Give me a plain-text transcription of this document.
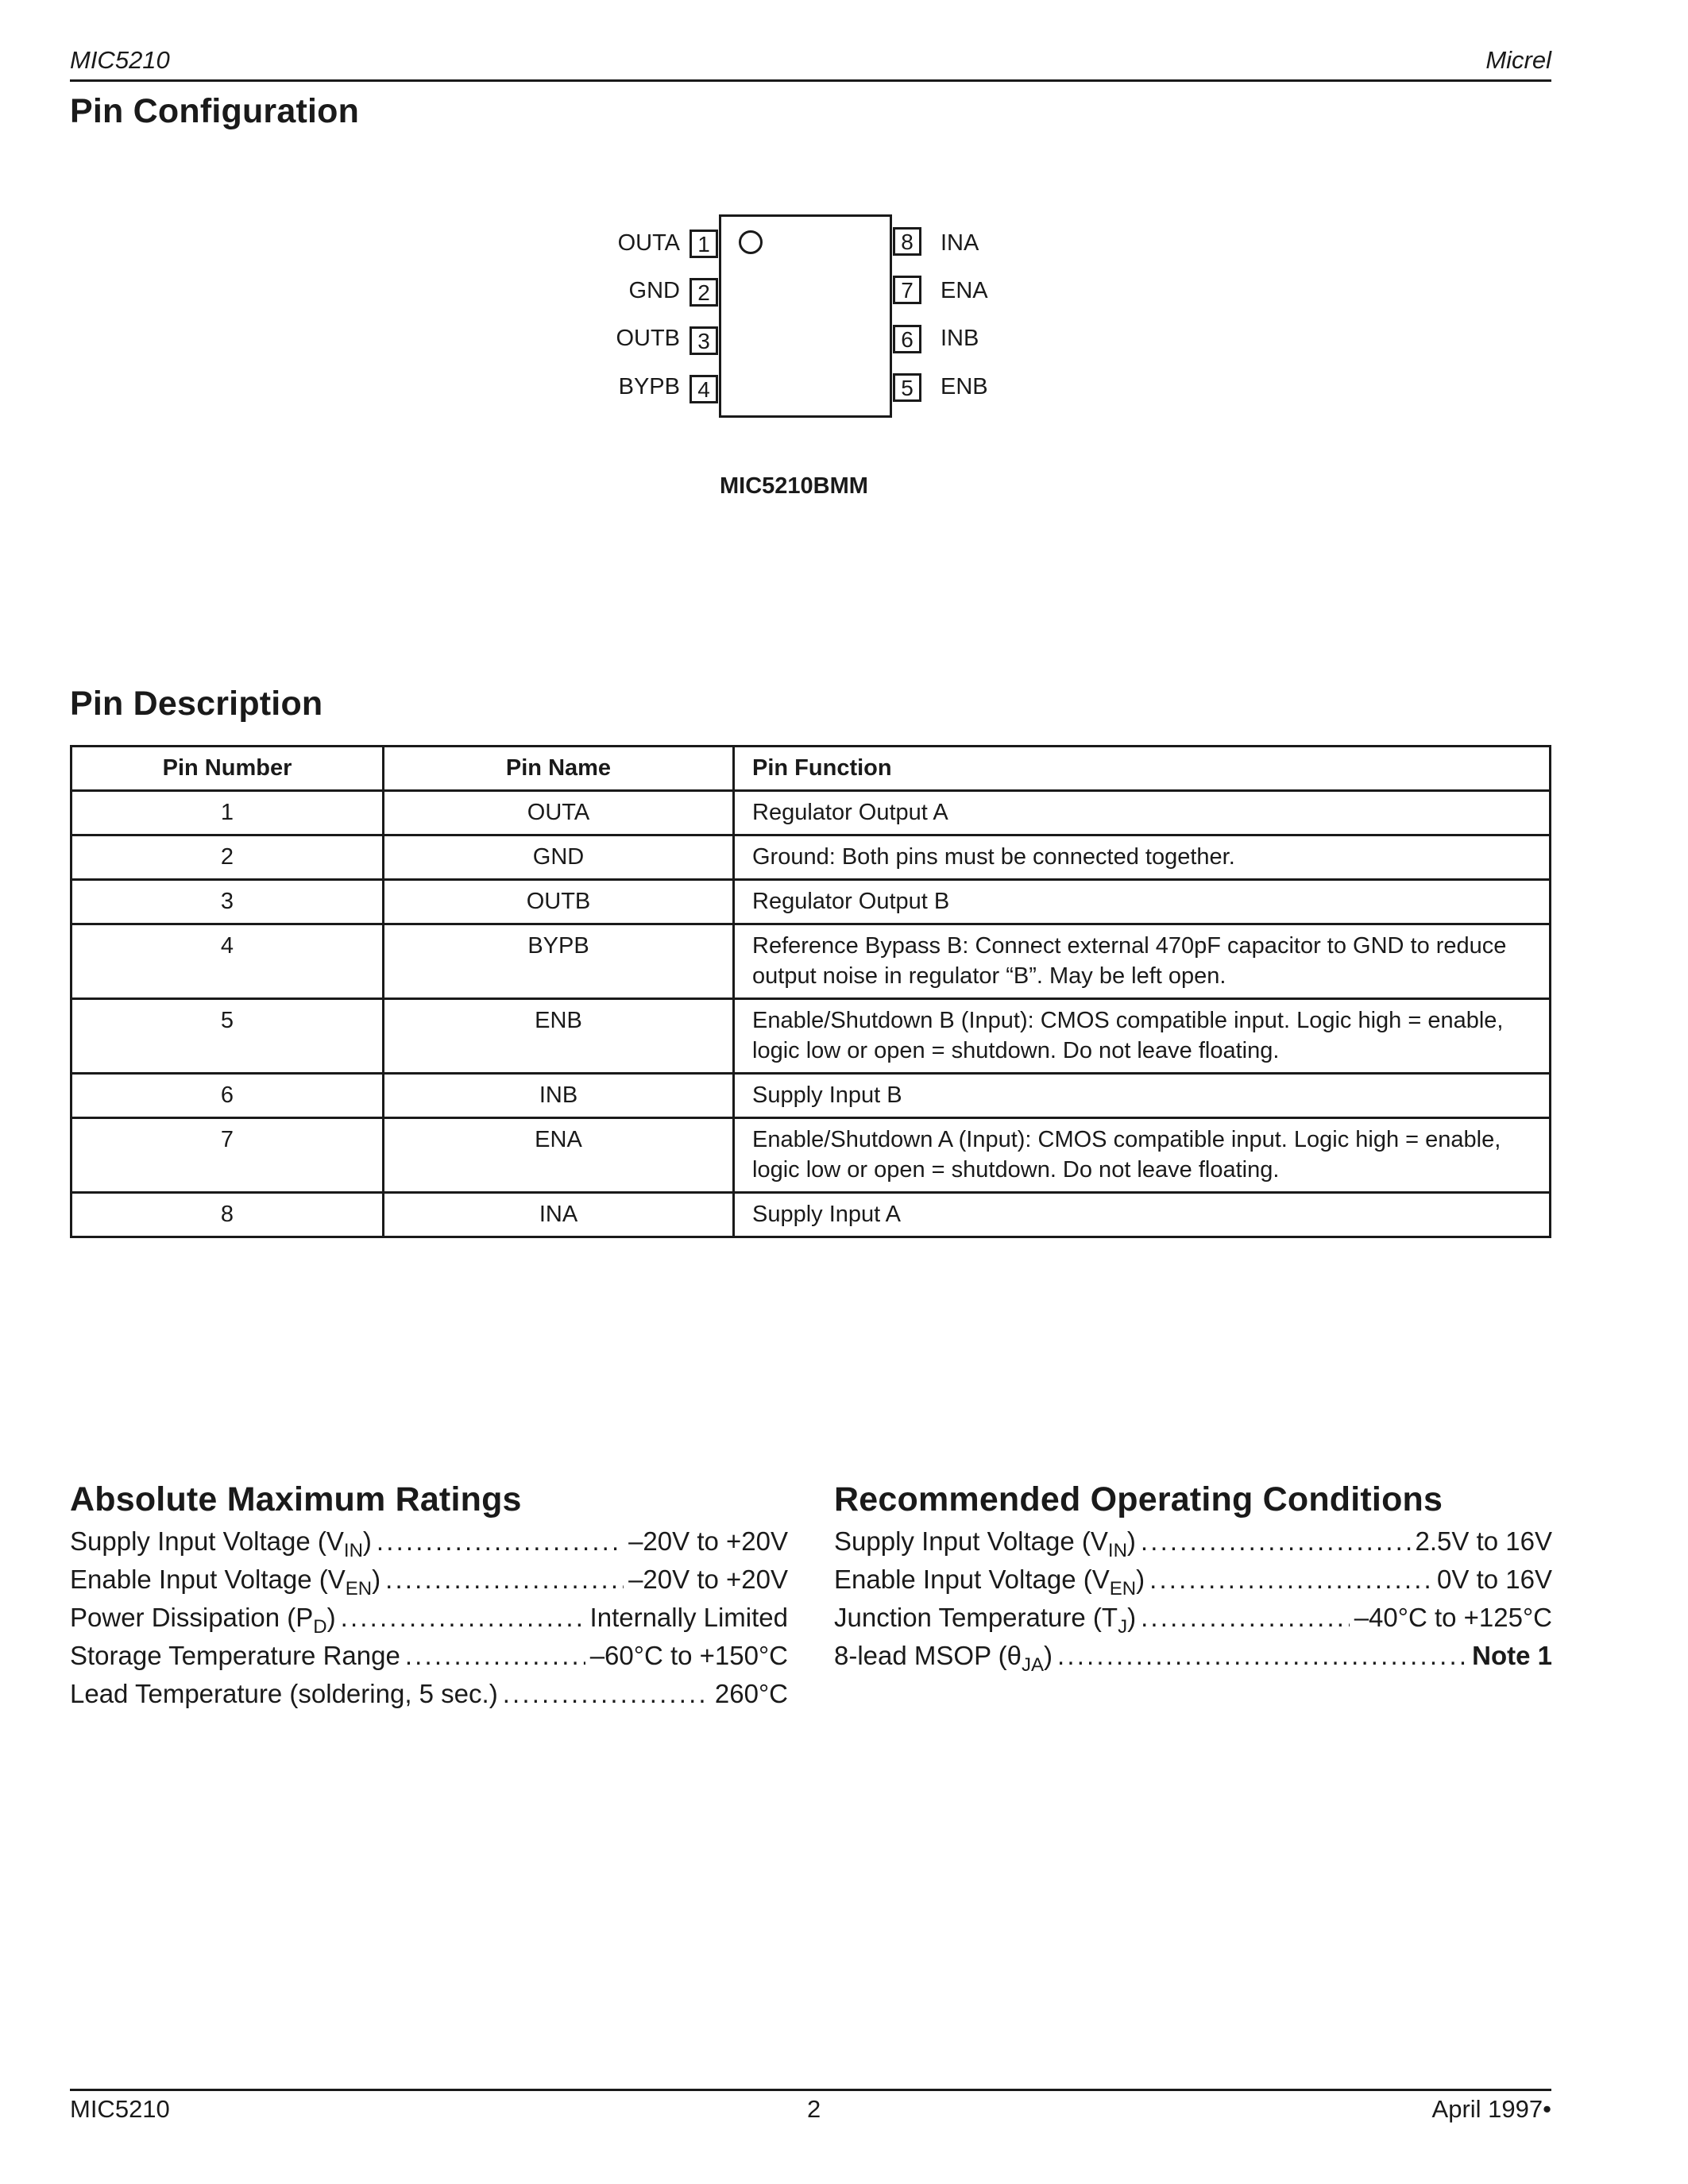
MIC5210	Micrel
Pin Configuration
OUTA 1
GND 2
OUTB 3
BYPB 4
8	INA
7	ENA
6	INB
5	ENB
MIC5210BMM
Pin Description
Pin Number	Pin Name	Pin Function
1	OUTA	Regulator Output A
2	GND	Ground: Both pins must be connected together.
3	OUTB	Regulator Output B
4	BYPB	Reference Bypass B: Connect external 470pF capacitor to GND to reduce output noise in regulator “B”. May be left open.
5	ENB	Enable/Shutdown B (Input): CMOS compatible input. Logic high = enable, logic low or open = shutdown. Do not leave floating.
6	INB	Supply Input B
7	ENA	Enable/Shutdown A (Input): CMOS compatible input. Logic high = enable, logic low or open = shutdown. Do not leave floating.
8	INA	Supply Input A
Absolute Maximum Ratings
Supply Input Voltage $(V_{IN})$ . . .	–20V to +20V
Enable Input Voltage $(V_{EN})$ . . .	–20V to +20V
Power Dissipation $(P_D)$ . . .	Internally Limited
Storage Temperature Range . . .	–60°C to +150°C
Lead Temperature (soldering, 5 sec.) . . .	260°C
Recommended Operating Conditions
Supply Input Voltage $(V_{IN})$ . . .	2.5V to 16V
Enable Input Voltage $(V_{EN})$ . . .	0V to 16V
Junction Temperature $(T_J)$ . . .	–40°C to +125°C
8-lead MSOP $(\theta_{JA})$ . . .	Note 1
MIC5210	2	April 1997•
